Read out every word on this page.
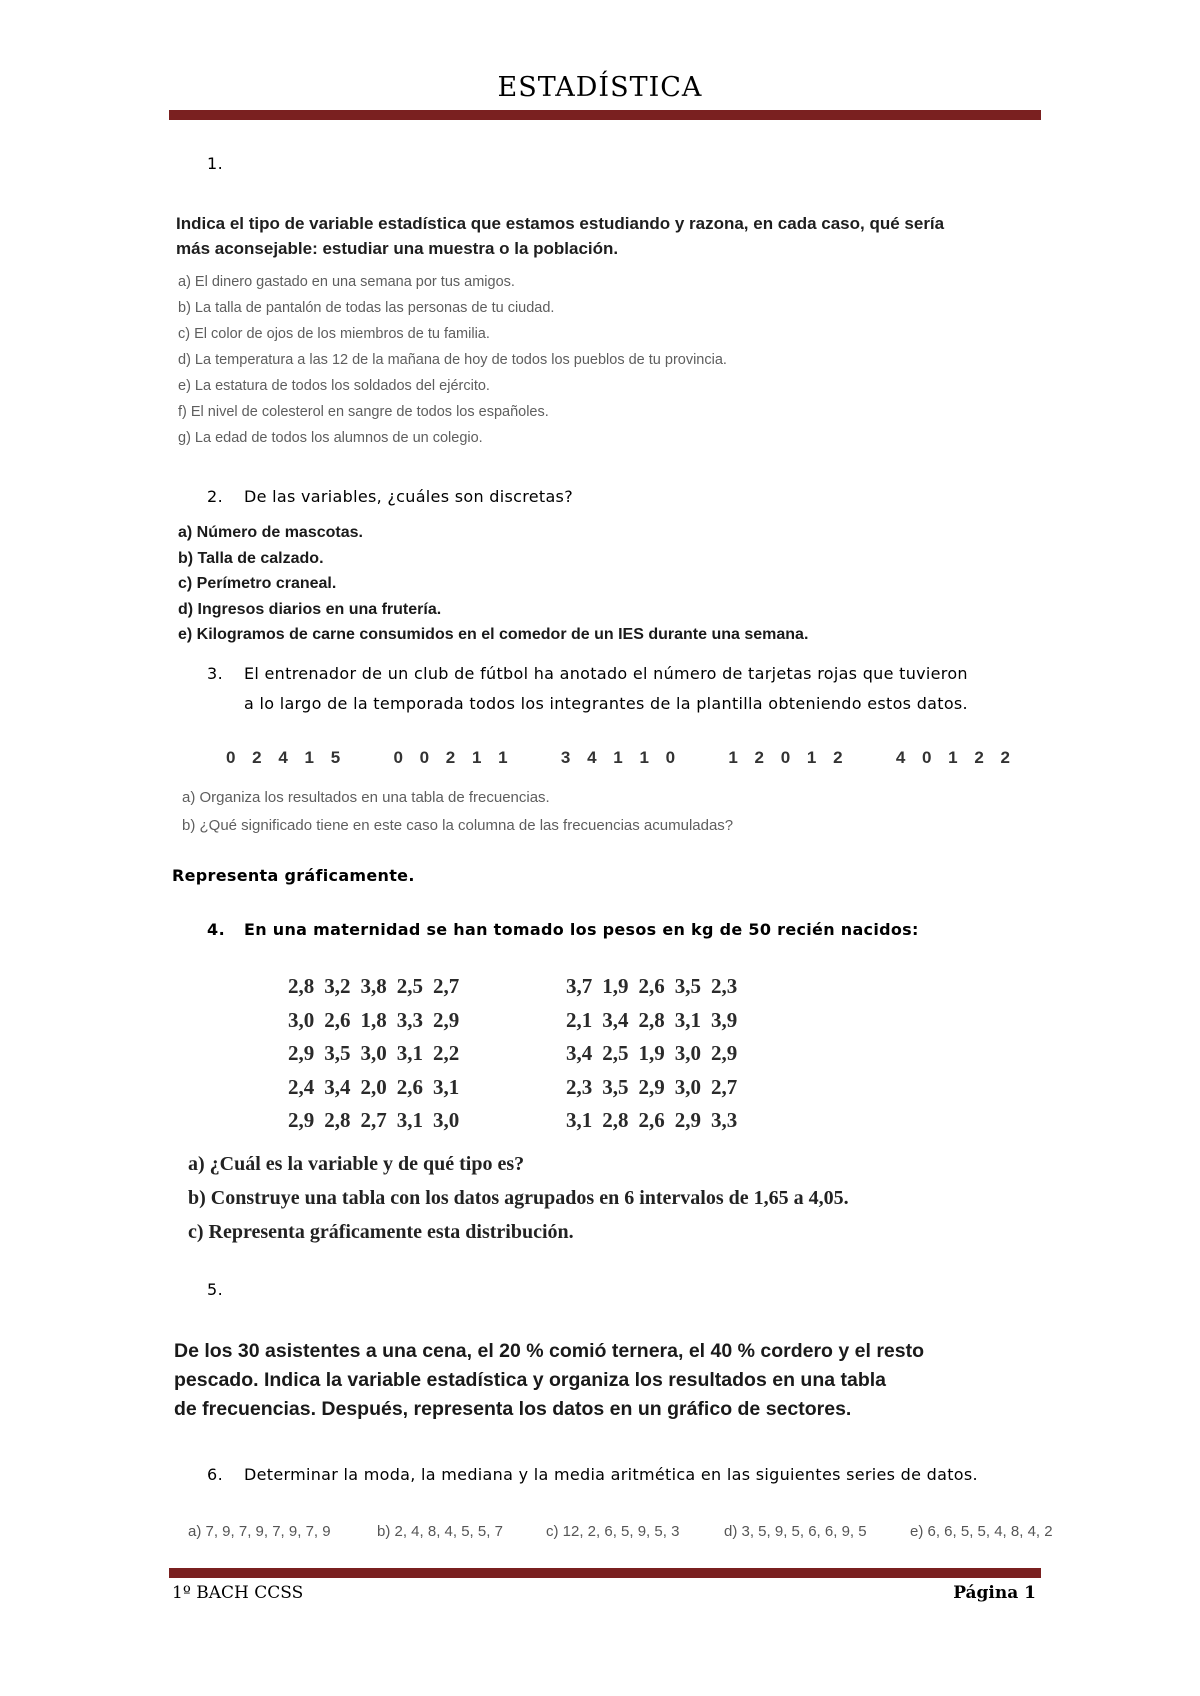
ESTADÍSTICA
1.
Indica el tipo de variable estadística que estamos estudiando y razona, en cada caso, qué sería
más aconsejable: estudiar una muestra o la población.
a) El dinero gastado en una semana por tus amigos.
b) La talla de pantalón de todas las personas de tu ciudad.
c) El color de ojos de los miembros de tu familia.
d) La temperatura a las 12 de la mañana de hoy de todos los pueblos de tu provincia.
e) La estatura de todos los soldados del ejército.
f) El nivel de colesterol en sangre de todos los españoles.
g) La edad de todos los alumnos de un colegio.
2. De las variables, ¿cuáles son discretas?
a) Número de mascotas.
b) Talla de calzado.
c) Perímetro craneal.
d) Ingresos diarios en una frutería.
e) Kilogramos de carne consumidos en el comedor de un IES durante una semana.
3. El entrenador de un club de fútbol ha anotado el número de tarjetas rojas que tuvieron
a lo largo de la temporada todos los integrantes de la plantilla obteniendo estos datos.
0 2 4 1 5	0 0 2 1 1	3 4 1 1 0	1 2 0 1 2	4 0 1 2 2
a) Organiza los resultados en una tabla de frecuencias.
b) ¿Qué significado tiene en este caso la columna de las frecuencias acumuladas?
Representa gráficamente.
4. En una maternidad se han tomado los pesos en kg de 50 recién nacidos:
2,8	3,2	3,8	2,5	2,7
3,0	2,6	1,8	3,3	2,9
2,9	3,5	3,0	3,1	2,2
2,4	3,4	2,0	2,6	3,1
2,9	2,8	2,7	3,1	3,0
3,7	1,9	2,6	3,5	2,3
2,1	3,4	2,8	3,1	3,9
3,4	2,5	1,9	3,0	2,9
2,3	3,5	2,9	3,0	2,7
3,1	2,8	2,6	2,9	3,3
a) ¿Cuál es la variable y de qué tipo es?
b) Construye una tabla con los datos agrupados en 6 intervalos de 1,65 a 4,05.
c) Representa gráficamente esta distribución.
5.
De los 30 asistentes a una cena, el 20 % comió ternera, el 40 % cordero y el resto
pescado. Indica la variable estadística y organiza los resultados en una tabla
de frecuencias. Después, representa los datos en un gráfico de sectores.
6. Determinar la moda, la mediana y la media aritmética en las siguientes series de datos.
a) 7, 9, 7, 9, 7, 9, 7, 9	b) 2, 4, 8, 4, 5, 5, 7	c) 12, 2, 6, 5, 9, 5, 3	d) 3, 5, 9, 5, 6, 6, 9, 5	e) 6, 6, 5, 5, 4, 8, 4, 2
1º BACH CCSS	Página 1
